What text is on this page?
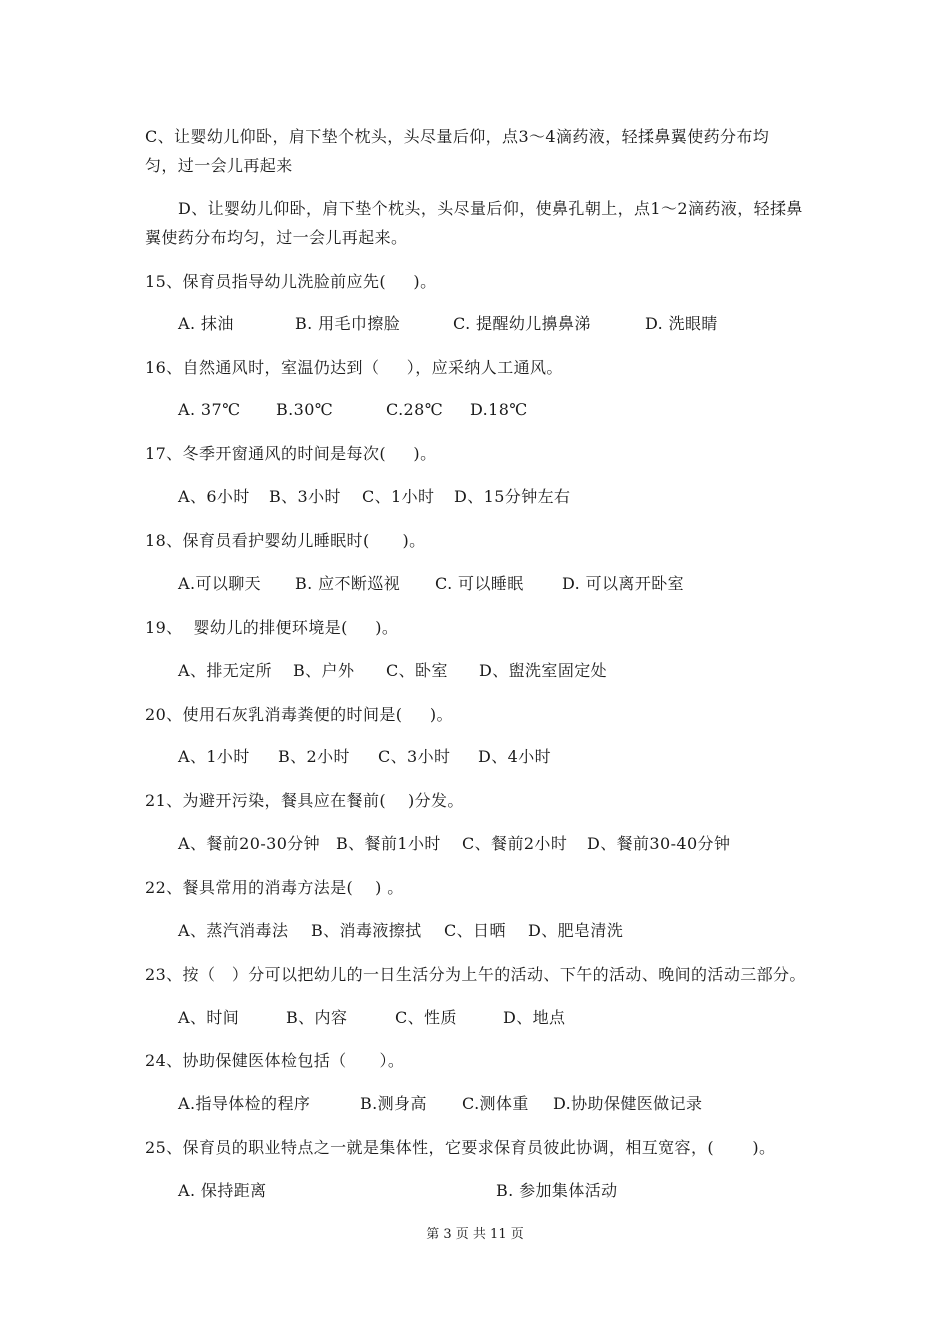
C、让婴幼儿仰卧，肩下垫个枕头，头尽量后仰，点3～4滴药液，轻揉鼻翼使药分布均
匀，过一会儿再起来
D、让婴幼儿仰卧，肩下垫个枕头，头尽量后仰，使鼻孔朝上，点1～2滴药液，轻揉鼻
翼使药分布均匀，过一会儿再起来。
15、保育员指导幼儿洗脸前应先(     )。
A. 抹油	B. 用毛巾擦脸	C. 提醒幼儿擤鼻涕	D. 洗眼睛
16、自然通风时，室温仍达到（     ），应采纳人工通风。
A. 37℃ B.30℃	C.28℃ D.18℃
17、冬季开窗通风的时间是每次(     )。
A、6小时 B、3小时 C、1小时 D、15分钟左右
18、保育员看护婴幼儿睡眠时(      )。
A.可以聊天 B. 应不断巡视 C. 可以睡眠 D. 可以离开卧室
19、  婴幼儿的排便环境是(     )。
A、排无定所 B、户外 C、卧室 D、盥洗室固定处
20、使用石灰乳消毒粪便的时间是(     )。
A、1小时 B、2小时 C、3小时 D、4小时
21、为避开污染，餐具应在餐前(    )分发。
A、餐前20-30分钟 B、餐前1小时 C、餐前2小时 D、餐前30-40分钟
22、餐具常用的消毒方法是(    ) 。
A、蒸汽消毒法 B、消毒液擦拭 C、日晒 D、肥皂清洗
23、按（   ）分可以把幼儿的一日生活分为上午的活动、下午的活动、晚间的活动三部分。
A、时间	B、内容	C、性质	D、地点
24、协助保健医体检包括（      ）。
A.指导体检的程序	B.测身高 C.测体重 D.协助保健医做记录
25、保育员的职业特点之一就是集体性，它要求保育员彼此协调，相互宽容，(       )。
A. 保持距离	B. 参加集体活动
第 3 页 共 11 页
